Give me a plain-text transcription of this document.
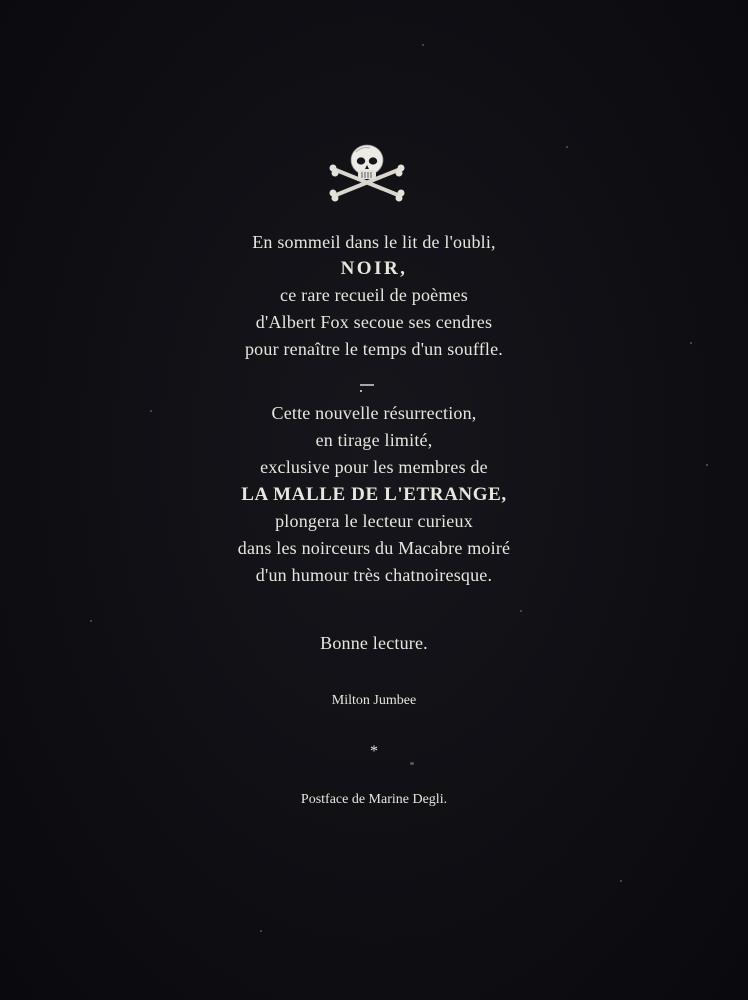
En sommeil dans le lit de l'oubli,
NOIR,
ce rare recueil de poèmes
d'Albert Fox secoue ses cendres
pour renaître le temps d'un souffle.
Cette nouvelle résurrection,
en tirage limité,
exclusive pour les membres de
LA MALLE DE L'ETRANGE,
plongera le lecteur curieux
dans les noirceurs du Macabre moiré
d'un humour très chatnoiresque.
Bonne lecture.
Milton Jumbee
*
Postface de Marine Degli.
